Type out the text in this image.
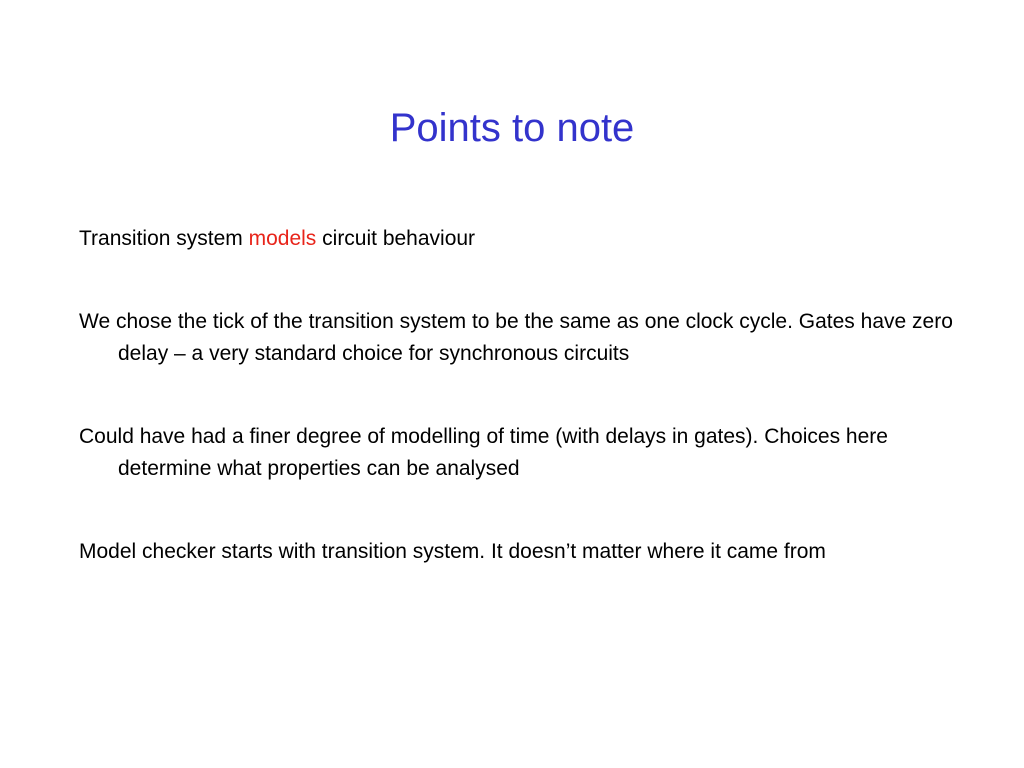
Points to note

Transition system models circuit behaviour

We chose the tick of the transition system to be the same as one clock cycle. Gates have zero delay – a very standard choice for synchronous circuits

Could have had a finer degree of modelling of time (with delays in gates). Choices here determine what properties can be analysed

Model checker starts with transition system. It doesn’t matter where it came from
